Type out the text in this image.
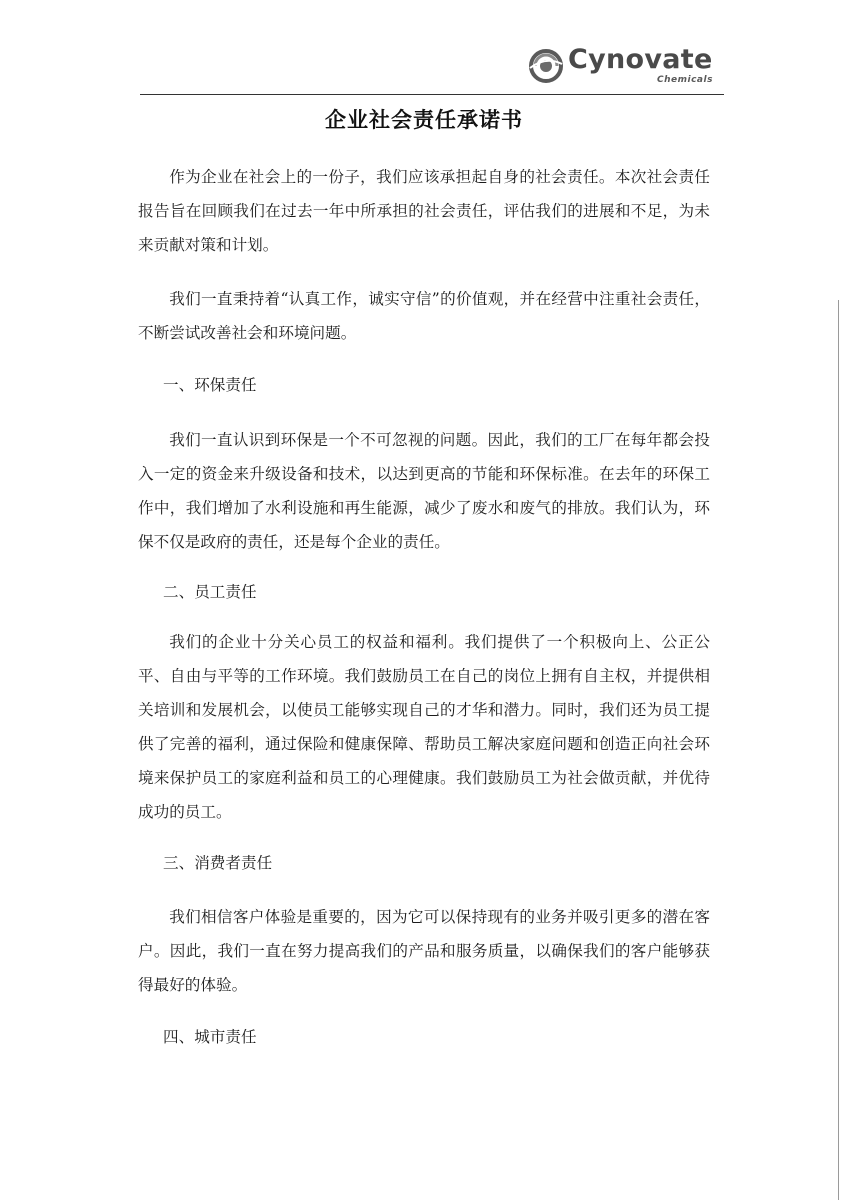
Cynovate
Chemicals
企业社会责任承诺书

作为企业在社会上的一份子，我们应该承担起自身的社会责任。本次社会责任报告旨在回顾我们在过去一年中所承担的社会责任，评估我们的进展和不足，为未来贡献对策和计划。

我们一直秉持着“认真工作，诚实守信”的价值观，并在经营中注重社会责任，不断尝试改善社会和环境问题。

一、环保责任

我们一直认识到环保是一个不可忽视的问题。因此，我们的工厂在每年都会投入一定的资金来升级设备和技术，以达到更高的节能和环保标准。在去年的环保工作中，我们增加了水利设施和再生能源，减少了废水和废气的排放。我们认为，环保不仅是政府的责任，还是每个企业的责任。

二、员工责任

我们的企业十分关心员工的权益和福利。我们提供了一个积极向上、公正公平、自由与平等的工作环境。我们鼓励员工在自己的岗位上拥有自主权，并提供相关培训和发展机会，以使员工能够实现自己的才华和潜力。同时，我们还为员工提供了完善的福利，通过保险和健康保障、帮助员工解决家庭问题和创造正向社会环境来保护员工的家庭利益和员工的心理健康。我们鼓励员工为社会做贡献，并优待成功的员工。

三、消费者责任

我们相信客户体验是重要的，因为它可以保持现有的业务并吸引更多的潜在客户。因此，我们一直在努力提高我们的产品和服务质量，以确保我们的客户能够获得最好的体验。

四、城市责任
